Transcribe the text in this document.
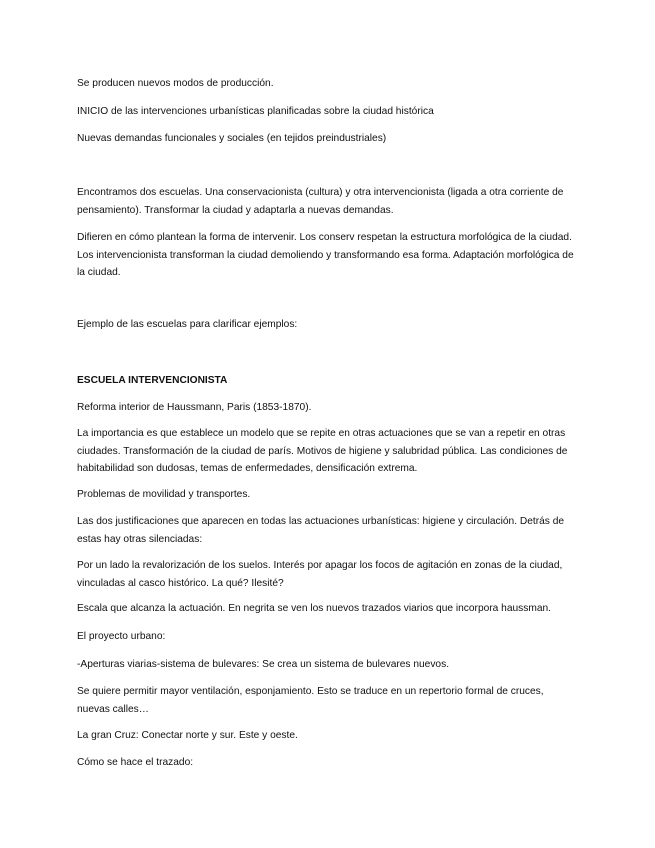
Se producen nuevos modos de producción.

INICIO de las intervenciones urbanísticas planificadas sobre la ciudad histórica

Nuevas demandas funcionales y sociales (en tejidos preindustriales)

Encontramos dos escuelas. Una conservacionista (cultura) y otra intervencionista (ligada a otra corriente de pensamiento). Transformar la ciudad y adaptarla a nuevas demandas.

Difieren en cómo plantean la forma de intervenir. Los conserv respetan la estructura morfológica de la ciudad. Los intervencionista transforman la ciudad demoliendo y transformando esa forma. Adaptación morfológica de la ciudad.

Ejemplo de las escuelas para clarificar ejemplos:

ESCUELA INTERVENCIONISTA

Reforma interior de Haussmann, Paris (1853-1870).

La importancia es que establece un modelo que se repite en otras actuaciones que se van a repetir en otras ciudades. Transformación de la ciudad de parís. Motivos de higiene y salubridad pública. Las condiciones de habitabilidad son dudosas, temas de enfermedades, densificación extrema.

Problemas de movilidad y transportes.

Las dos justificaciones que aparecen en todas las actuaciones urbanísticas: higiene y circulación. Detrás de estas hay otras silenciadas:

Por un lado la revalorización de los suelos. Interés por apagar los focos de agitación en zonas de la ciudad, vinculadas al casco histórico. La qué? Ilesité?

Escala que alcanza la actuación. En negrita se ven los nuevos trazados viarios que incorpora haussman.

El proyecto urbano:

-Aperturas viarias-sistema de bulevares: Se crea un sistema de bulevares nuevos.

Se quiere permitir mayor ventilación, esponjamiento. Esto se traduce en un repertorio formal de cruces, nuevas calles…

La gran Cruz: Conectar norte y sur. Este y oeste.

Cómo se hace el trazado:
